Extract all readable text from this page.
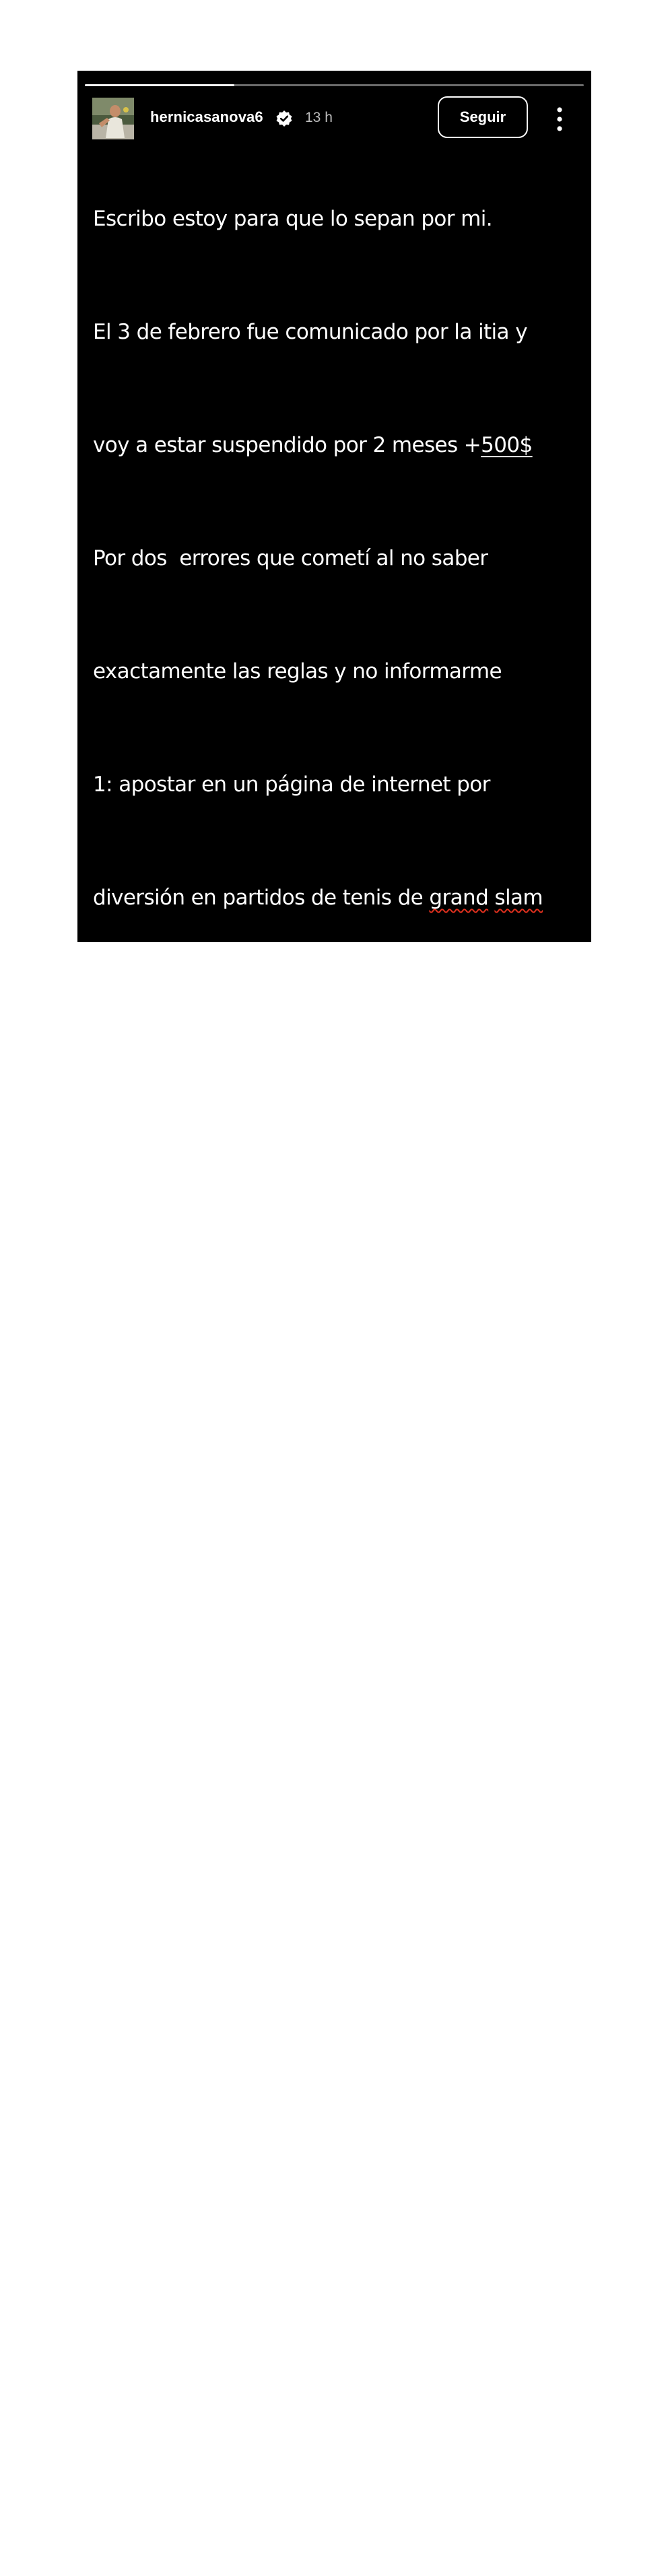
hernicasanova6	13 h	Seguir

Escribo estoy para que lo sepan por mi.

El 3 de febrero fue comunicado por la itia y

voy a estar suspendido por 2 meses +500$

Por dos  errores que cometí al no saber

exactamente las reglas y no informarme

1: apostar en un página de internet por

diversión en partidos de tenis de grand slam

2: no informar posible sospechas o posible

arreglo de un partido.

claramente acepté mi error y suspensión.

Van a ser 2 meses difíciles pero por suerte

estoy rodeado de gente que me apoya y me

va ayudar a salir adelante.

Y más que nada quiero compartir esto para

que los chicos que recién se están

insertando en el profesionalismo que lean y

se informen bien sobre el  programa de

anticorrupción por qué el mínimo error se

paga.

Van a ser 2 meses de aprendizaje y sin

duda voy a volver más fuerte.
